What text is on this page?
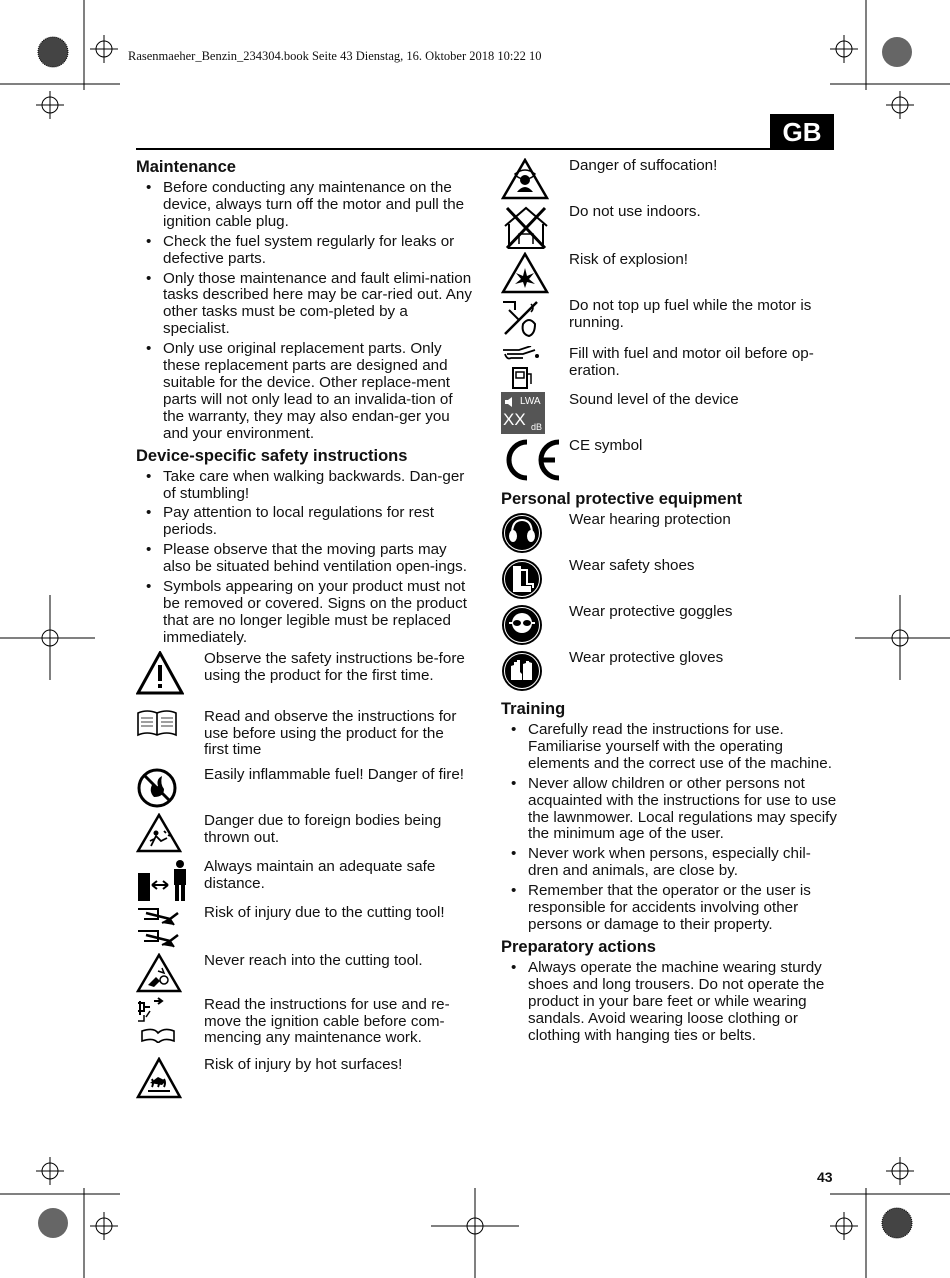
Rasenmaeher_Benzin_234304.book Seite 43 Dienstag, 16. Oktober 2018 10:22 10
GB
Maintenance
• Before conducting any maintenance on the device, always turn off the motor and pull the ignition cable plug.
• Check the fuel system regularly for leaks or defective parts.
• Only those maintenance and fault elimi-nation tasks described here may be car-ried out. Any other tasks must be com-pleted by a specialist.
• Only use original replacement parts. Only these replacement parts are designed and suitable for the device. Other replace-ment parts will not only lead to an invalida-tion of the warranty, they may also endan-ger you and your environment.
Device-specific safety instructions
• Take care when walking backwards. Dan-ger of stumbling!
• Pay attention to local regulations for rest periods.
• Please observe that the moving parts may also be situated behind ventilation open-ings.
• Symbols appearing on your product must not be removed or covered. Signs on the product that are no longer legible must be replaced immediately.
Observe the safety instructions be-fore using the product for the first time.
Read and observe the instructions for use before using the product for the first time
Easily inflammable fuel! Danger of fire!
Danger due to foreign bodies being thrown out.
Always maintain an adequate safe distance.
Risk of injury due to the cutting tool!
Never reach into the cutting tool.
Read the instructions for use and re-move the ignition cable before com-mencing any maintenance work.
Risk of injury by hot surfaces!
Danger of suffocation!
Do not use indoors.
Risk of explosion!
Do not top up fuel while the motor is running.
Fill with fuel and motor oil before op-eration.
LWA
XX dB
Sound level of the device
CE symbol
Personal protective equipment
Wear hearing protection
Wear safety shoes
Wear protective goggles
Wear protective gloves
Training
• Carefully read the instructions for use. Familiarise yourself with the operating elements and the correct use of the machine.
• Never allow children or other persons not acquainted with the instructions for use to use the lawnmower. Local regulations may specify the minimum age of the user.
• Never work when persons, especially chil-dren and animals, are close by.
• Remember that the operator or the user is responsible for accidents involving other persons or damage to their property.
Preparatory actions
• Always operate the machine wearing sturdy shoes and long trousers. Do not operate the product in your bare feet or while wearing sandals. Avoid wearing loose clothing or clothing with hanging ties or belts.
43
